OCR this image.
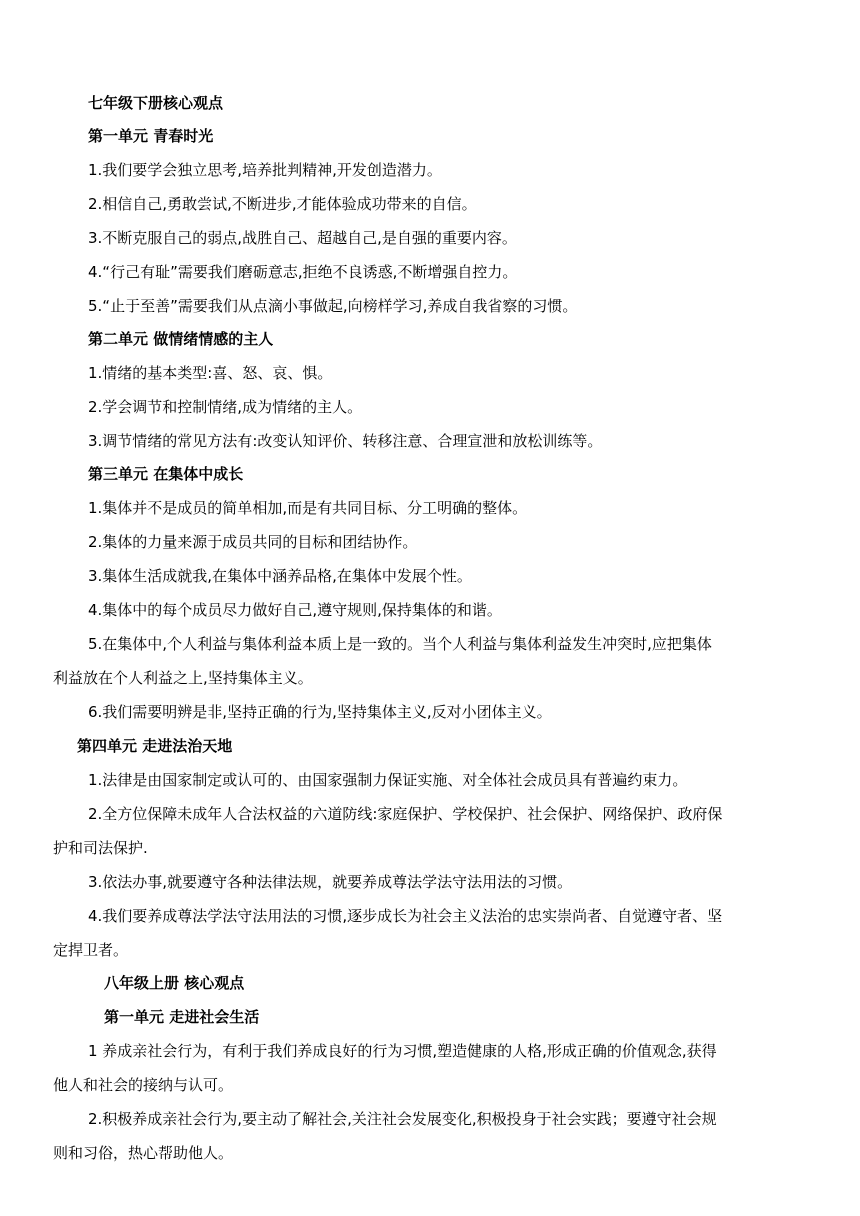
七年级下册核心观点
第一单元 青春时光
1.我们要学会独立思考,培养批判精神,开发创造潜力。
2.相信自己,勇敢尝试,不断进步,才能体验成功带来的自信。
3.不断克服自己的弱点,战胜自己、超越自己,是自强的重要内容。
4.“行己有耻”需要我们磨砺意志,拒绝不良诱惑,不断增强自控力。
5.“止于至善”需要我们从点滴小事做起,向榜样学习,养成自我省察的习惯。
第二单元 做情绪情感的主人
1.情绪的基本类型:喜、怒、哀、惧。
2.学会调节和控制情绪,成为情绪的主人。
3.调节情绪的常见方法有:改变认知评价、转移注意、合理宣泄和放松训练等。
第三单元 在集体中成长
1.集体并不是成员的简单相加,而是有共同目标、分工明确的整体。
2.集体的力量来源于成员共同的目标和团结协作。
3.集体生活成就我,在集体中涵养品格,在集体中发展个性。
4.集体中的每个成员尽力做好自己,遵守规则,保持集体的和谐。
5.在集体中,个人利益与集体利益本质上是一致的。当个人利益与集体利益发生冲突时,应把集体
利益放在个人利益之上,坚持集体主义。
6.我们需要明辨是非,坚持正确的行为,坚持集体主义,反对小团体主义。
第四单元 走进法治天地
1.法律是由国家制定或认可的、由国家强制力保证实施、对全体社会成员具有普遍约束力。
2.全方位保障未成年人合法权益的六道防线:家庭保护、学校保护、社会保护、网络保护、政府保
护和司法保护.
3.依法办事,就要遵守各种法律法规，就要养成尊法学法守法用法的习惯。
4.我们要养成尊法学法守法用法的习惯,逐步成长为社会主义法治的忠实崇尚者、自觉遵守者、坚
定捍卫者。
八年级上册 核心观点
第一单元 走进社会生活
1 养成亲社会行为，有利于我们养成良好的行为习惯,塑造健康的人格,形成正确的价值观念,获得
他人和社会的接纳与认可。
2.积极养成亲社会行为,要主动了解社会,关注社会发展变化,积极投身于社会实践；要遵守社会规
则和习俗，热心帮助他人。
